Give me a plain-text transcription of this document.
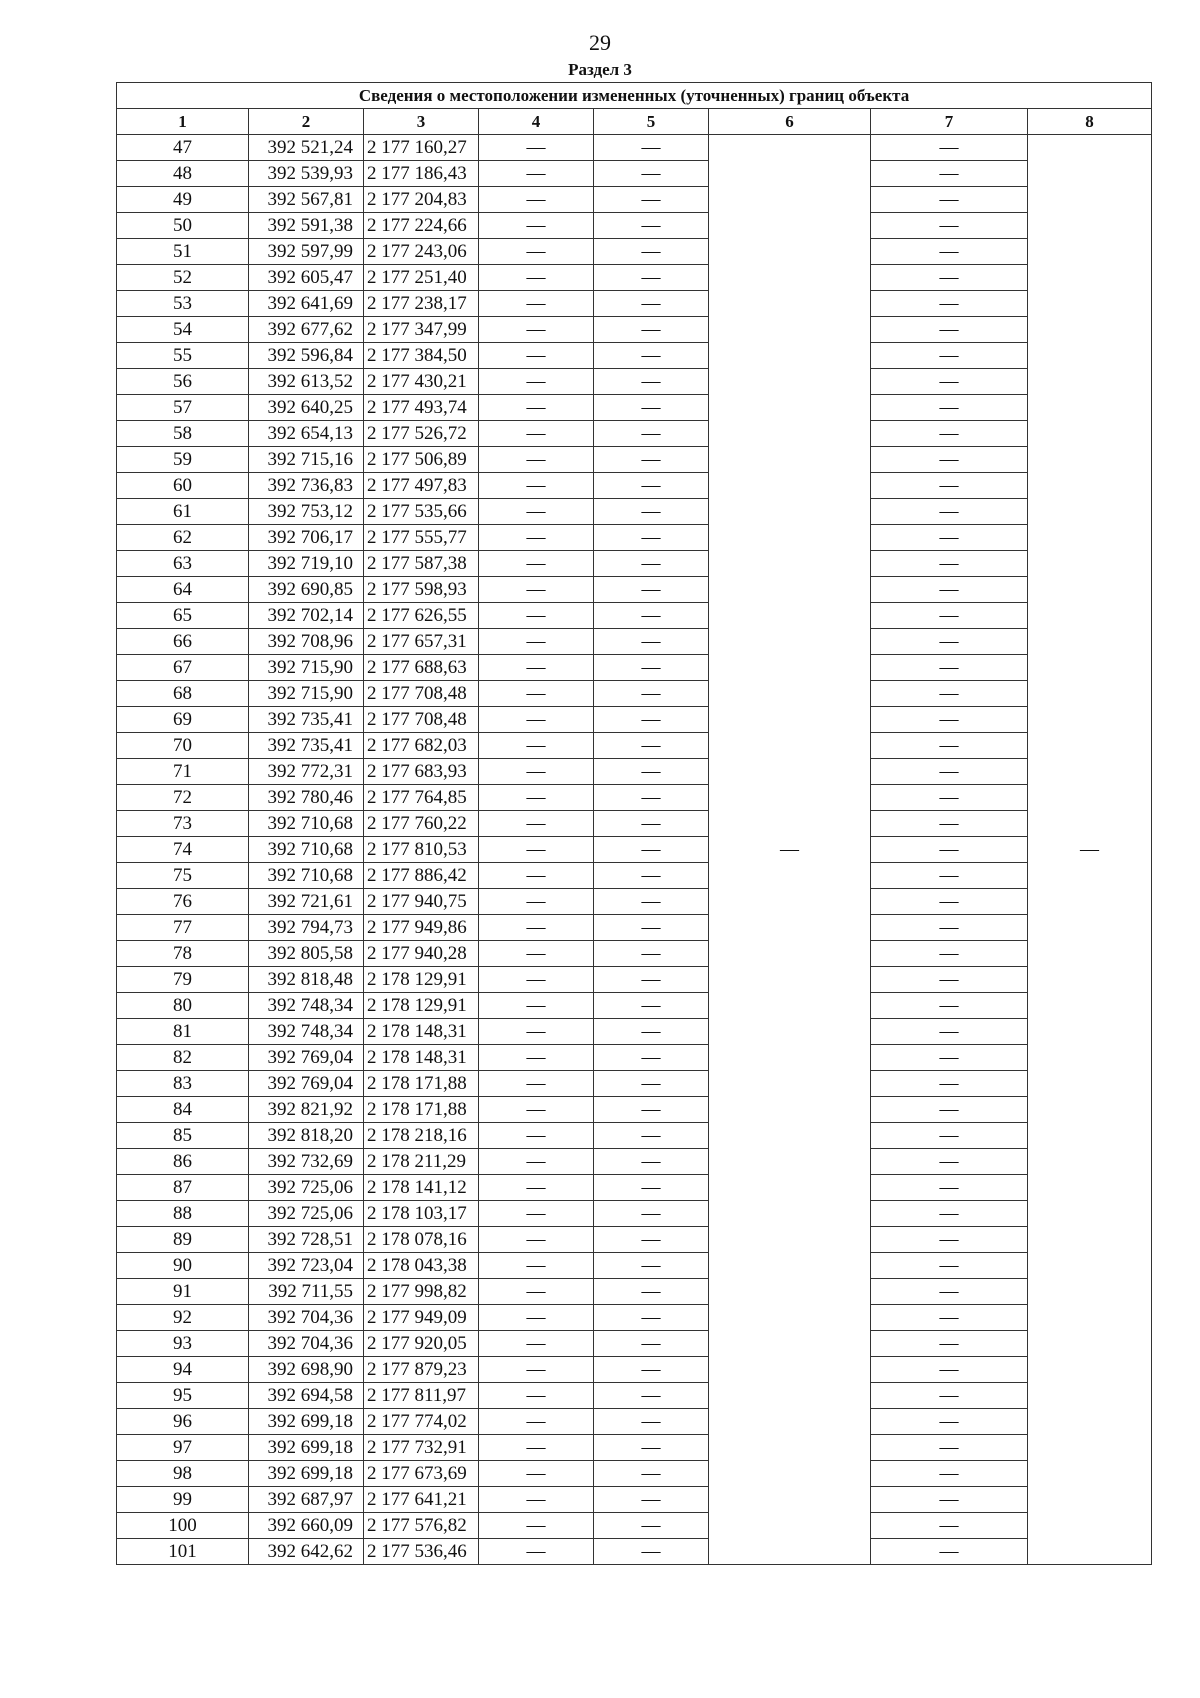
29
Раздел 3
Сведения о местоположении измененных (уточненных) границ объекта							
1	2	3	4	5	6	7	8
47	392 521,24	2 177 160,27	—	—	—	—	—
48	392 539,93	2 177 186,43	—	—		—	
49	392 567,81	2 177 204,83	—	—		—	
50	392 591,38	2 177 224,66	—	—		—	
51	392 597,99	2 177 243,06	—	—		—	
52	392 605,47	2 177 251,40	—	—		—	
53	392 641,69	2 177 238,17	—	—		—	
54	392 677,62	2 177 347,99	—	—		—	
55	392 596,84	2 177 384,50	—	—		—	
56	392 613,52	2 177 430,21	—	—		—	
57	392 640,25	2 177 493,74	—	—		—	
58	392 654,13	2 177 526,72	—	—		—	
59	392 715,16	2 177 506,89	—	—		—	
60	392 736,83	2 177 497,83	—	—		—	
61	392 753,12	2 177 535,66	—	—		—	
62	392 706,17	2 177 555,77	—	—		—	
63	392 719,10	2 177 587,38	—	—		—	
64	392 690,85	2 177 598,93	—	—		—	
65	392 702,14	2 177 626,55	—	—		—	
66	392 708,96	2 177 657,31	—	—		—	
67	392 715,90	2 177 688,63	—	—		—	
68	392 715,90	2 177 708,48	—	—		—	
69	392 735,41	2 177 708,48	—	—		—	
70	392 735,41	2 177 682,03	—	—		—	
71	392 772,31	2 177 683,93	—	—		—	
72	392 780,46	2 177 764,85	—	—		—	
73	392 710,68	2 177 760,22	—	—		—	
74	392 710,68	2 177 810,53	—	—		—	
75	392 710,68	2 177 886,42	—	—		—	
76	392 721,61	2 177 940,75	—	—		—	
77	392 794,73	2 177 949,86	—	—		—	
78	392 805,58	2 177 940,28	—	—		—	
79	392 818,48	2 178 129,91	—	—		—	
80	392 748,34	2 178 129,91	—	—		—	
81	392 748,34	2 178 148,31	—	—		—	
82	392 769,04	2 178 148,31	—	—		—	
83	392 769,04	2 178 171,88	—	—		—	
84	392 821,92	2 178 171,88	—	—		—	
85	392 818,20	2 178 218,16	—	—		—	
86	392 732,69	2 178 211,29	—	—		—	
87	392 725,06	2 178 141,12	—	—		—	
88	392 725,06	2 178 103,17	—	—		—	
89	392 728,51	2 178 078,16	—	—		—	
90	392 723,04	2 178 043,38	—	—		—	
91	392 711,55	2 177 998,82	—	—		—	
92	392 704,36	2 177 949,09	—	—		—	
93	392 704,36	2 177 920,05	—	—		—	
94	392 698,90	2 177 879,23	—	—		—	
95	392 694,58	2 177 811,97	—	—		—	
96	392 699,18	2 177 774,02	—	—		—	
97	392 699,18	2 177 732,91	—	—		—	
98	392 699,18	2 177 673,69	—	—		—	
99	392 687,97	2 177 641,21	—	—		—	
100	392 660,09	2 177 576,82	—	—		—	
101	392 642,62	2 177 536,46	—	—		—	
